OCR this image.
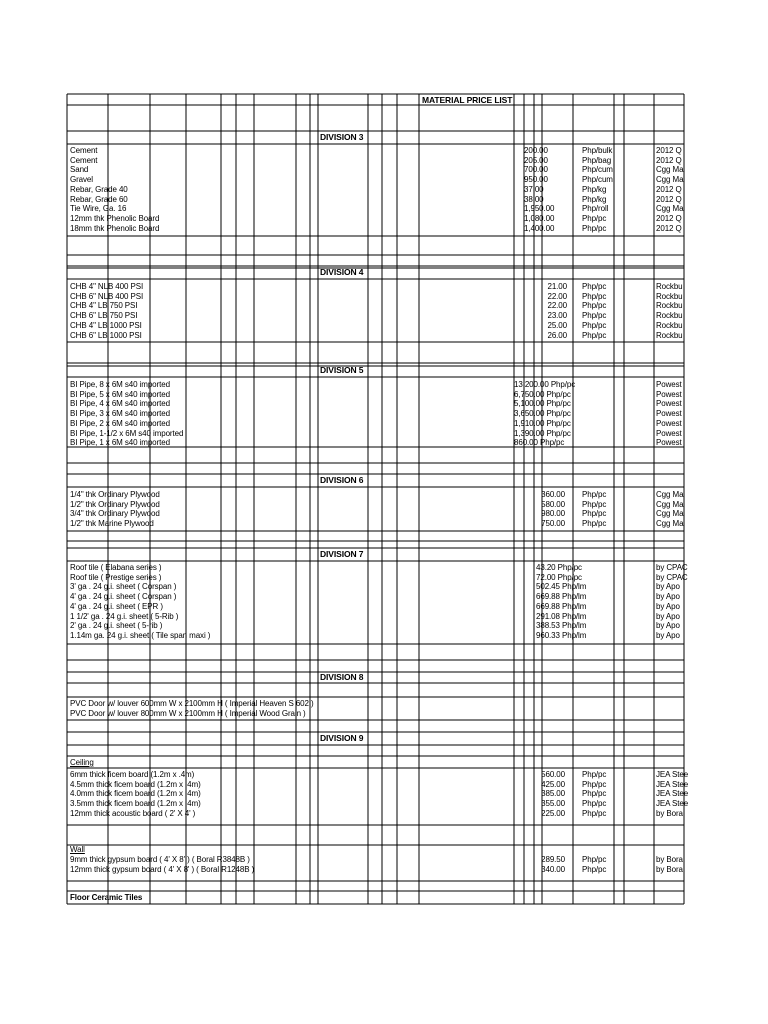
MATERIAL PRICE LIST
DIVISION 3
Cement	200.00	Php/bulk	2012 Q
Cement	205.00	Php/bag	2012 Q
Sand	700.00	Php/cum	Cgg Ma
Gravel	950.00	Php/cum	Cgg Ma
Rebar, Grade 40	37.00	Php/kg	2012 Q
Rebar, Grade 60	38.00	Php/kg	2012 Q
Tie Wire, Ga. 16	1,950.00	Php/roll	Cgg Ma
12mm thk Phenolic Board	1,080.00	Php/pc	2012 Q
18mm thk Phenolic Board	1,400.00	Php/pc	2012 Q
DIVISION 4
CHB 4" NLB 400 PSI	21.00 Php/pc	Rockbu
CHB 6" NLB 400 PSI	22.00 Php/pc	Rockbu
CHB 4" LB 750 PSI	22.00 Php/pc	Rockbu
CHB 6" LB 750 PSI	23.00 Php/pc	Rockbu
CHB 4" LB 1000 PSI	25.00 Php/pc	Rockbu
CHB 6" LB 1000 PSI	26.00 Php/pc	Rockbu
DIVISION 5
BI Pipe, 8 x 6M s40 imported	13,200.00 Php/pc	Powest
BI Pipe, 5 x 6M s40 imported	6,750.00 Php/pc	Powest
BI Pipe, 4 x 6M s40 imported	5,100.00 Php/pc	Powest
BI Pipe, 3 x 6M s40 imported	3,650.00 Php/pc	Powest
BI Pipe, 2 x 6M s40 imported	1,910.00 Php/pc	Powest
BI Pipe, 1-1/2 x 6M s40 imported	1,390.00 Php/pc	Powest
BI Pipe, 1 x 6M s40 imported	860.00 Php/pc	Powest
DIVISION 6
1/4" thk Ordinary Plywood	360.00 Php/pc	Cgg Ma
1/2" thk Ordinary Plywood	580.00 Php/pc	Cgg Ma
3/4" thk Ordinary Plywood	980.00 Php/pc	Cgg Ma
1/2" thk Marine Plywood	750.00 Php/pc	Cgg Ma
DIVISION 7
Roof tile ( Elabana series )	43.20 Php/pc	by CPAC
Roof tile ( Prestige series )	72.00 Php/pc	by CPAC
3' ga . 24 g.i. sheet ( Corspan )	502.45 Php/lm	by Apo
4' ga . 24 g.i. sheet ( Corspan )	669.88 Php/lm	by Apo
4' ga . 24 g.i. sheet ( EPR )	669.88 Php/lm	by Apo
1 1/2' ga . 24 g.i. sheet ( 5-Rib )	291.08 Php/lm	by Apo
2' ga . 24 g.i. sheet ( 5-rib )	388.53 Php/lm	by Apo
1.14m ga. 24 g.i. sheet ( Tile span maxi )	960.33 Php/lm	by Apo
DIVISION 8
PVC Door w/ louver 600mm W x 2100mm H ( Imperial Heaven S 602 )
PVC Door w/ louver 800mm W x 2100mm H ( Imperial Wood Grain )
DIVISION 9
Ceiling
6mm thick ficem board (1.2m x .4m)	560.00 Php/pc	JEA Stee
4.5mm thick ficem board (1.2m x .4m)	425.00 Php/pc	JEA Stee
4.0mm thick ficem board (1.2m x .4m)	385.00 Php/pc	JEA Stee
3.5mm thick ficem board (1.2m x .4m)	355.00 Php/pc	JEA Stee
12mm thick acoustic board ( 2' X 4' )	225.00 Php/pc	by Bora
Wall
9mm thick gypsum board ( 4' X 8' ) ( Boral R3848B )	289.50 Php/pc	by Bora
12mm thick gypsum board ( 4' X 8' ) ( Boral R1248B )	340.00 Php/pc	by Bora
Floor Ceramic Tiles
